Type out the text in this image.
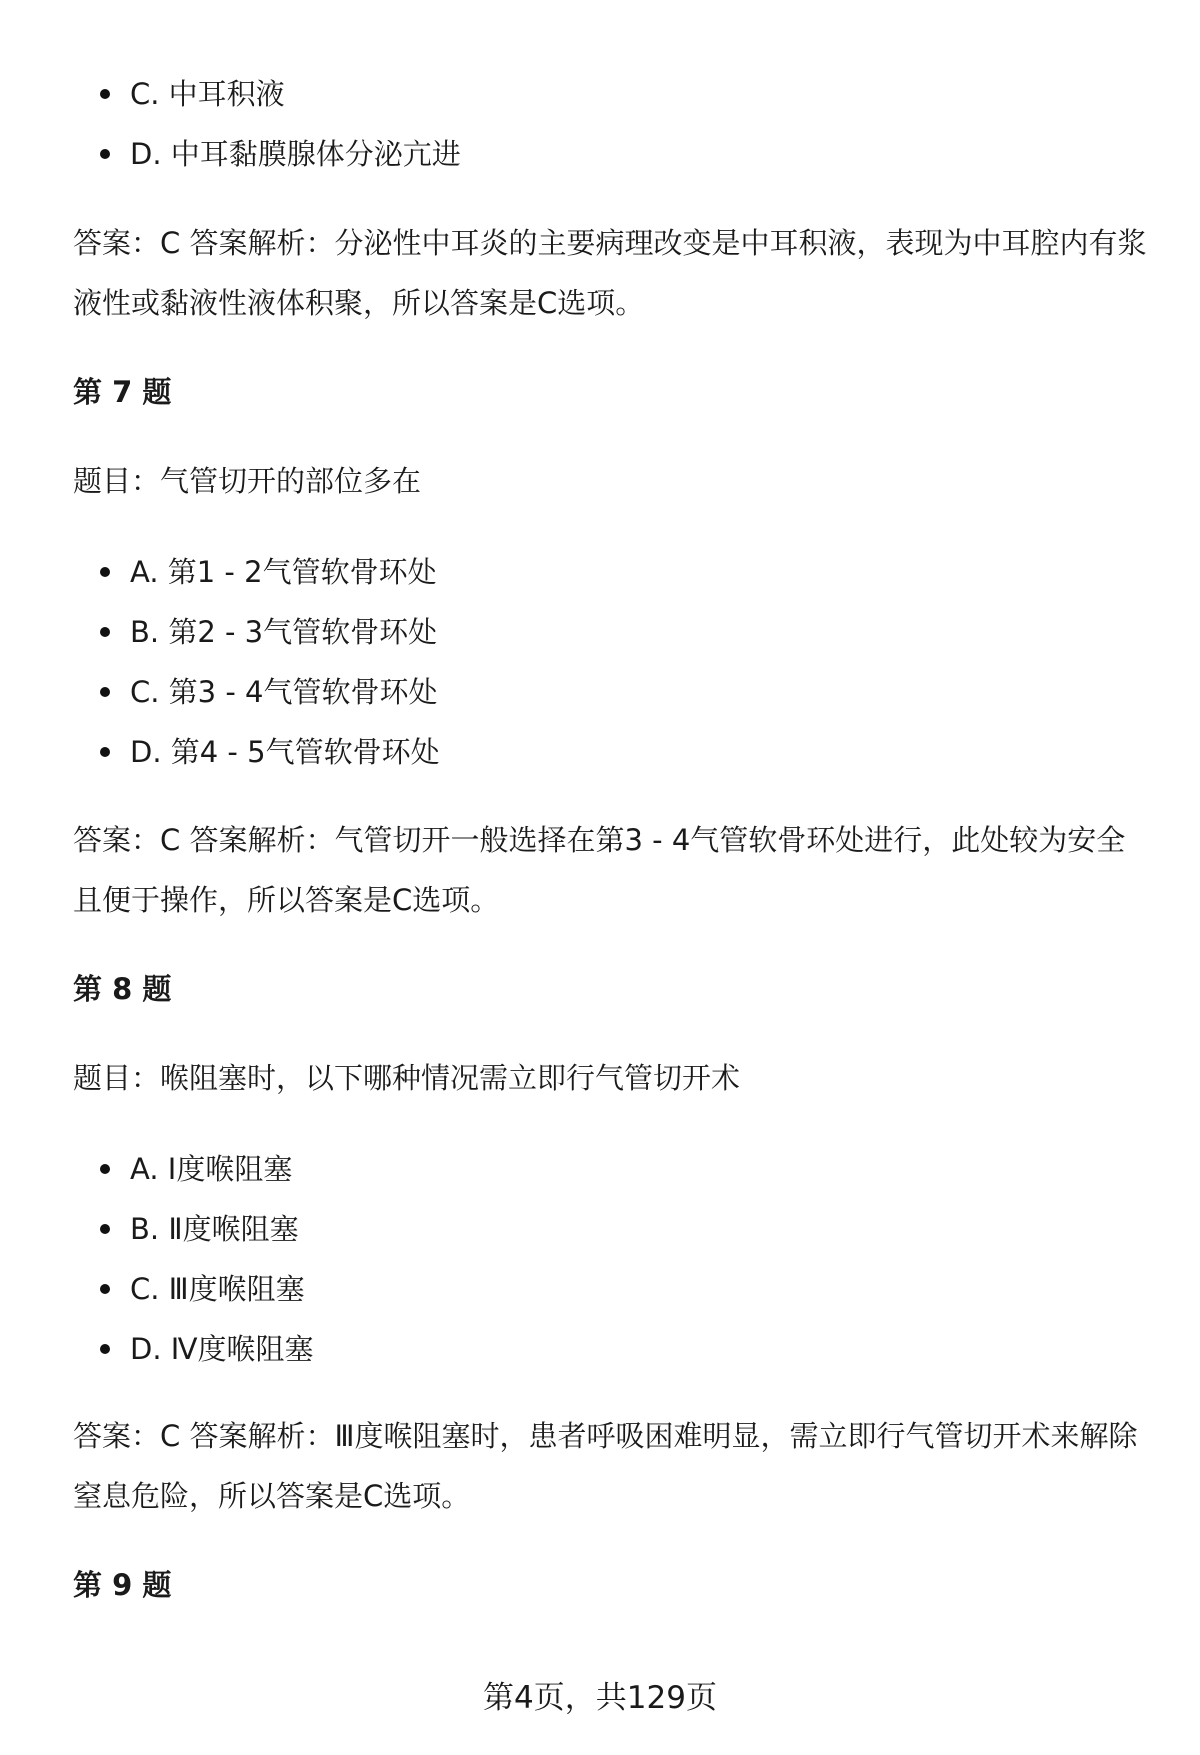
C. 中耳积液
D. 中耳黏膜腺体分泌亢进

答案：C 答案解析：分泌性中耳炎的主要病理改变是中耳积液，表现为中耳腔内有浆液性或黏液性液体积聚，所以答案是C选项。

第 7 题

题目：气管切开的部位多在

A. 第1 - 2气管软骨环处
B. 第2 - 3气管软骨环处
C. 第3 - 4气管软骨环处
D. 第4 - 5气管软骨环处

答案：C 答案解析：气管切开一般选择在第3 - 4气管软骨环处进行，此处较为安全且便于操作，所以答案是C选项。

第 8 题

题目：喉阻塞时，以下哪种情况需立即行气管切开术

A. Ⅰ度喉阻塞
B. Ⅱ度喉阻塞
C. Ⅲ度喉阻塞
D. Ⅳ度喉阻塞

答案：C 答案解析：Ⅲ度喉阻塞时，患者呼吸困难明显，需立即行气管切开术来解除窒息危险，所以答案是C选项。

第 9 题
第4页，共129页
